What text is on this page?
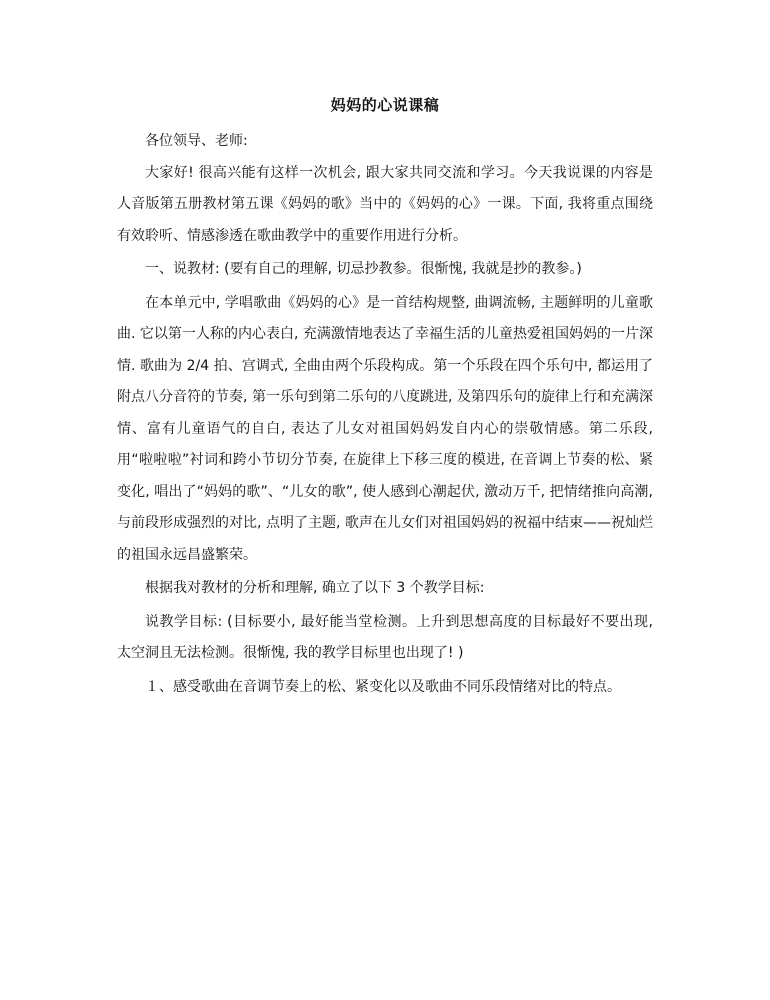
妈妈的心说课稿

各位领导、老师:

大家好! 很高兴能有这样一次机会, 跟大家共同交流和学习。今天我说课的内容是人音版第五册教材第五课《妈妈的歌》当中的《妈妈的心》一课。下面, 我将重点围绕有效聆听、情感渗透在歌曲教学中的重要作用进行分析。

一、说教材: (要有自己的理解, 切忌抄教参。很惭愧, 我就是抄的教参。)

在本单元中, 学唱歌曲《妈妈的心》是一首结构规整, 曲调流畅, 主题鲜明的儿童歌曲. 它以第一人称的内心表白, 充满激情地表达了幸福生活的儿童热爱祖国妈妈的一片深情. 歌曲为 2/4 拍、宫调式, 全曲由两个乐段构成。第一个乐段在四个乐句中, 都运用了附点八分音符的节奏, 第一乐句到第二乐句的八度跳进, 及第四乐句的旋律上行和充满深情、富有儿童语气的自白, 表达了儿女对祖国妈妈发自内心的崇敬情感。第二乐段, 用“啦啦啦”衬词和跨小节切分节奏, 在旋律上下移三度的模进, 在音调上节奏的松、紧变化, 唱出了“妈妈的歌”、“儿女的歌”, 使人感到心潮起伏, 激动万千, 把情绪推向高潮, 与前段形成强烈的对比, 点明了主题, 歌声在儿女们对祖国妈妈的祝福中结束——祝灿烂的祖国永远昌盛繁荣。

根据我对教材的分析和理解, 确立了以下 3 个教学目标:

说教学目标: (目标要小, 最好能当堂检测。上升到思想高度的目标最好不要出现, 太空洞且无法检测。很惭愧, 我的教学目标里也出现了! )

１、感受歌曲在音调节奏上的松、紧变化以及歌曲不同乐段情绪对比的特点。
